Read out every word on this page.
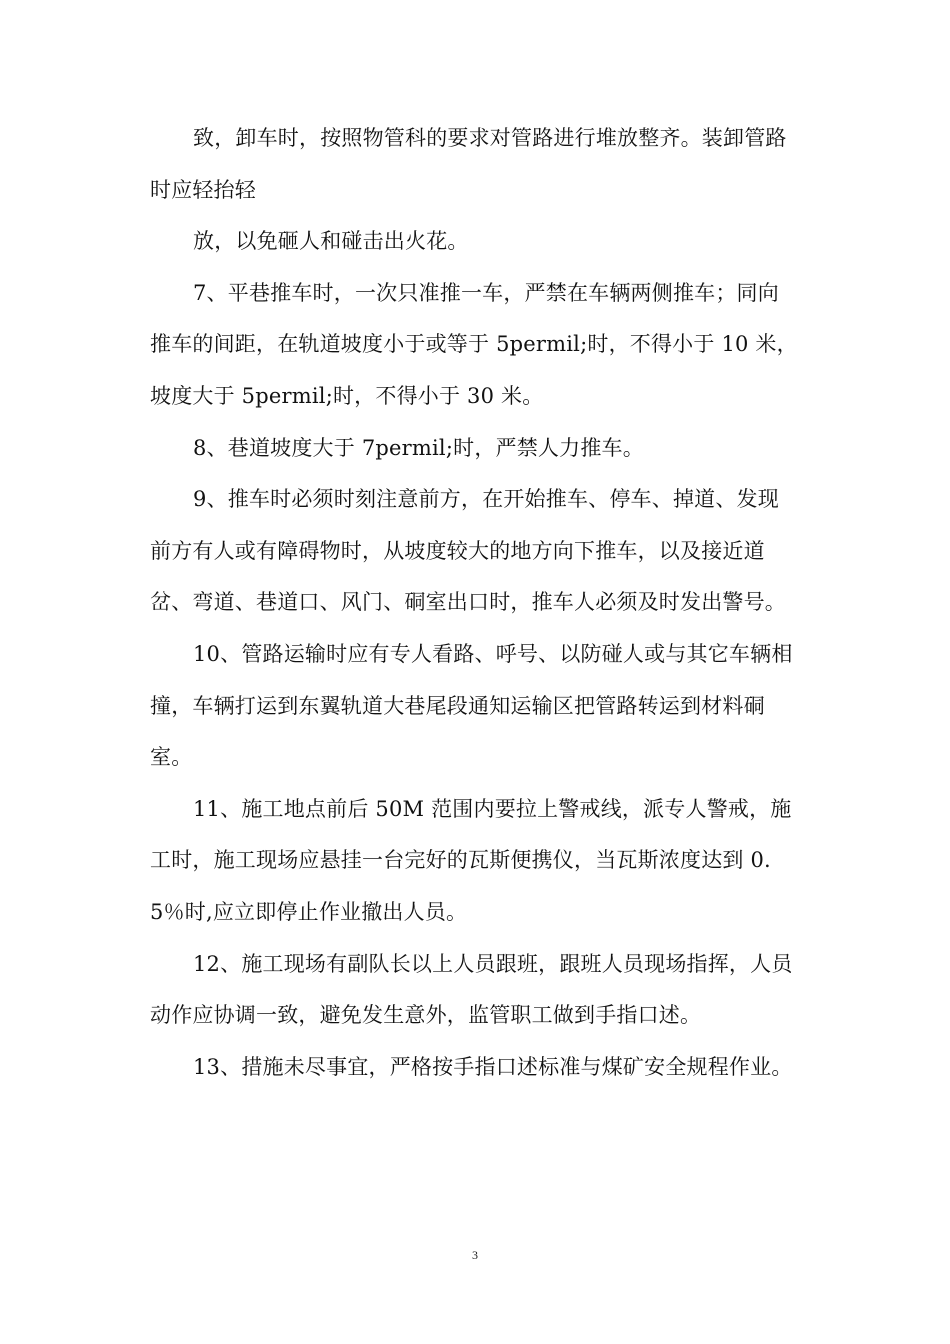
致，卸车时，按照物管科的要求对管路进行堆放整齐。装卸管路时应轻抬轻

放，以免砸人和碰击出火花。

7、平巷推车时，一次只准推一车，严禁在车辆两侧推车；同向推车的间距，在轨道坡度小于或等于 5permil;时，不得小于 10 米，坡度大于 5permil;时，不得小于 30 米。

8、巷道坡度大于 7permil;时，严禁人力推车。

9、推车时必须时刻注意前方，在开始推车、停车、掉道、发现前方有人或有障碍物时，从坡度较大的地方向下推车，以及接近道岔、弯道、巷道口、风门、硐室出口时，推车人必须及时发出警号。

10、管路运输时应有专人看路、呼号、以防碰人或与其它车辆相撞，车辆打运到东翼轨道大巷尾段通知运输区把管路转运到材料硐室。

11、施工地点前后 50M 范围内要拉上警戒线，派专人警戒，施工时，施工现场应悬挂一台完好的瓦斯便携仪，当瓦斯浓度达到 0.5％时,应立即停止作业撤出人员。

12、施工现场有副队长以上人员跟班，跟班人员现场指挥，人员动作应协调一致，避免发生意外，监管职工做到手指口述。

13、措施未尽事宜，严格按手指口述标准与煤矿安全规程作业。

3
